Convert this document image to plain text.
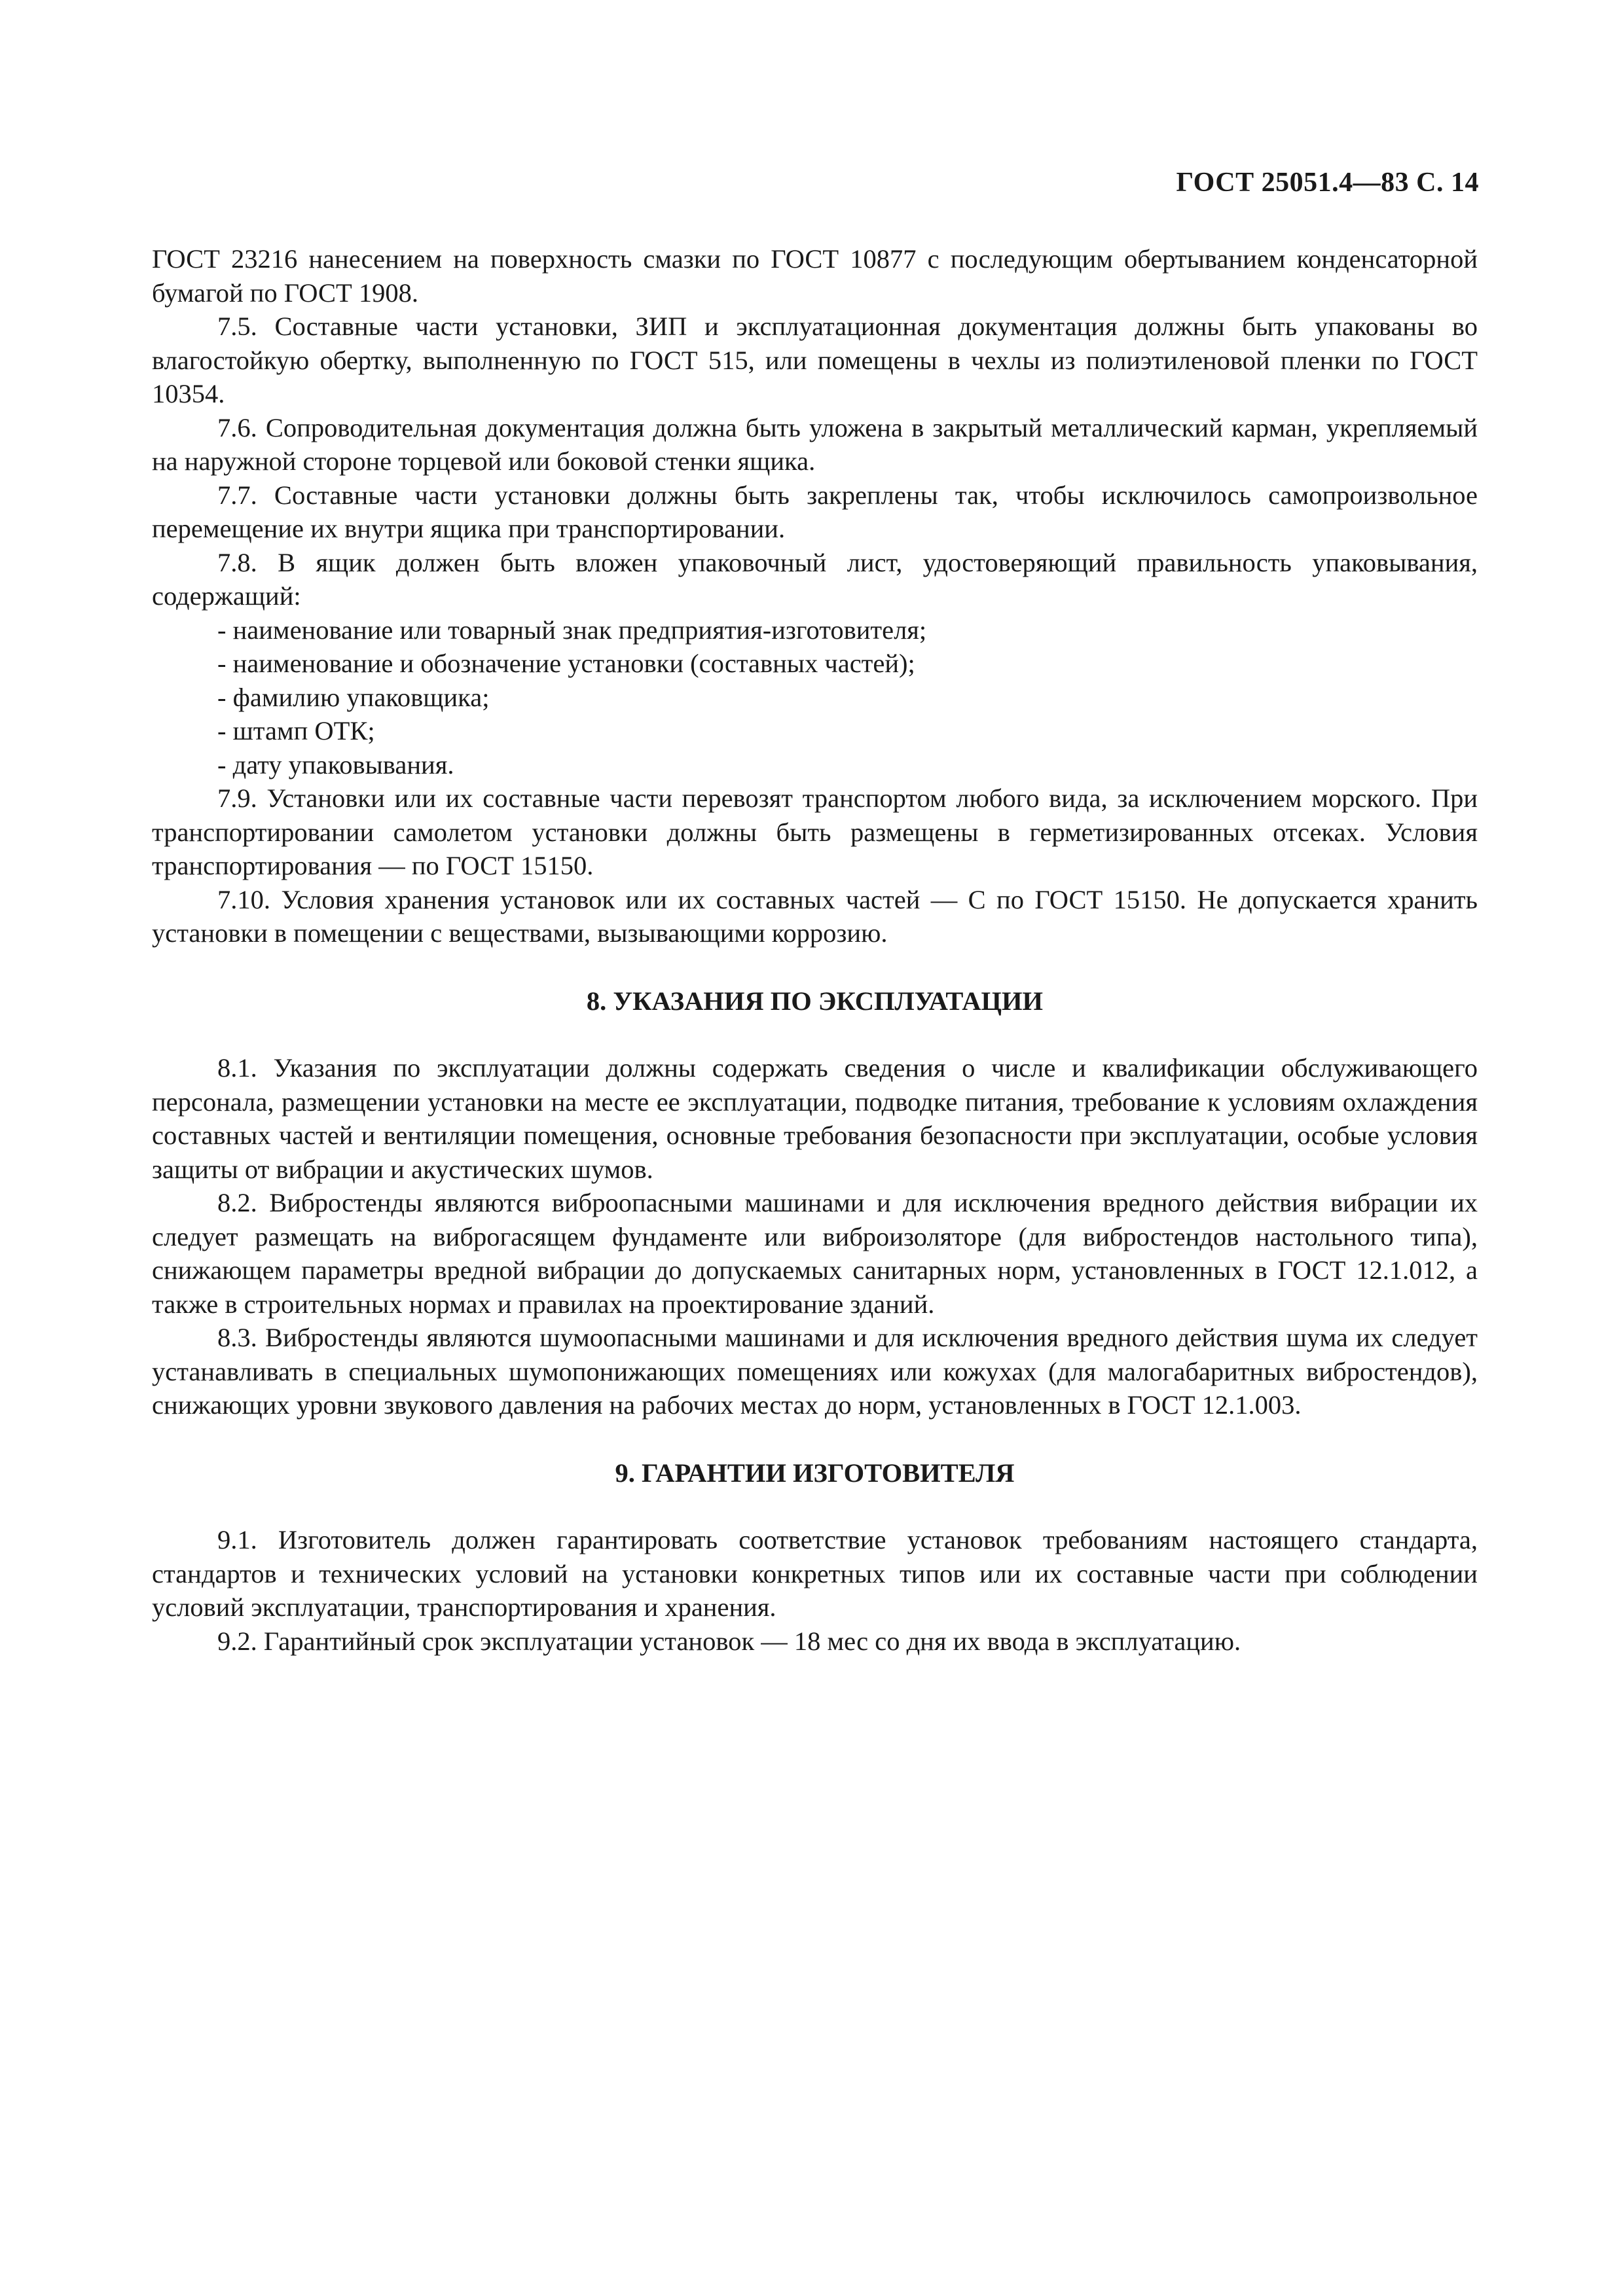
ГОСТ 25051.4—83 С. 14

ГОСТ 23216 нанесением на поверхность смазки по ГОСТ 10877 с последующим обертыванием конденсаторной бумагой по ГОСТ 1908.

7.5. Составные части установки, ЗИП и эксплуатационная документация должны быть упакованы во влагостойкую обертку, выполненную по ГОСТ 515, или помещены в чехлы из полиэтиленовой пленки по ГОСТ 10354.

7.6. Сопроводительная документация должна быть уложена в закрытый металлический карман, укрепляемый на наружной стороне торцевой или боковой стенки ящика.

7.7. Составные части установки должны быть закреплены так, чтобы исключилось самопроизвольное перемещение их внутри ящика при транспортировании.

7.8. В ящик должен быть вложен упаковочный лист, удостоверяющий правильность упаковывания, содержащий:

- наименование или товарный знак предприятия-изготовителя;

- наименование и обозначение установки (составных частей);

- фамилию упаковщика;

- штамп ОТК;

- дату упаковывания.

7.9. Установки или их составные части перевозят транспортом любого вида, за исключением морского. При транспортировании самолетом установки должны быть размещены в герметизированных отсеках. Условия транспортирования — по ГОСТ 15150.

7.10. Условия хранения установок или их составных частей — С по ГОСТ 15150. Не допускается хранить установки в помещении с веществами, вызывающими коррозию.

8. УКАЗАНИЯ ПО ЭКСПЛУАТАЦИИ

8.1. Указания по эксплуатации должны содержать сведения о числе и квалификации обслуживающего персонала, размещении установки на месте ее эксплуатации, подводке питания, требование к условиям охлаждения составных частей и вентиляции помещения, основные требования безопасности при эксплуатации, особые условия защиты от вибрации и акустических шумов.

8.2. Вибростенды являются виброопасными машинами и для исключения вредного действия вибрации их следует размещать на виброгасящем фундаменте или виброизоляторе (для вибростендов настольного типа), снижающем параметры вредной вибрации до допускаемых санитарных норм, установленных в ГОСТ 12.1.012, а также в строительных нормах и правилах на проектирование зданий.

8.3. Вибростенды являются шумоопасными машинами и для исключения вредного действия шума их следует устанавливать в специальных шумопонижающих помещениях или кожухах (для малогабаритных вибростендов), снижающих уровни звукового давления на рабочих местах до норм, установленных в ГОСТ 12.1.003.

9. ГАРАНТИИ ИЗГОТОВИТЕЛЯ

9.1. Изготовитель должен гарантировать соответствие установок требованиям настоящего стандарта, стандартов и технических условий на установки конкретных типов или их составные части при соблюдении условий эксплуатации, транспортирования и хранения.

9.2. Гарантийный срок эксплуатации установок — 18 мес со дня их ввода в эксплуатацию.
